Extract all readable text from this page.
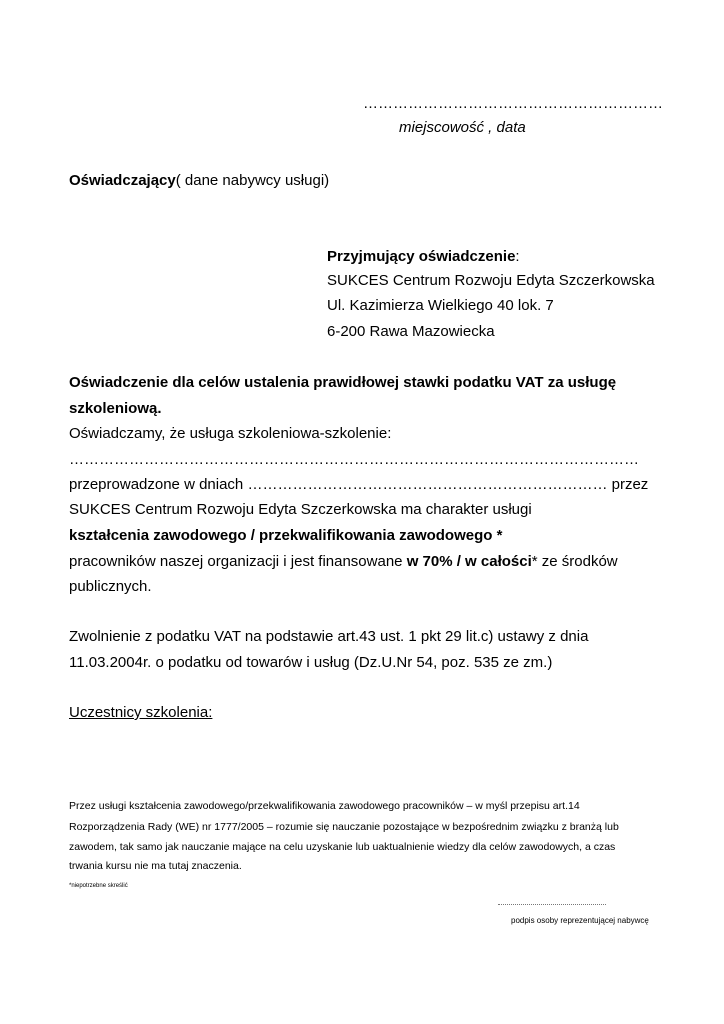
……………………………………………………
miejscowość , data
Oświadczający( dane nabywcy usługi)
Przyjmujący oświadczenie:
SUKCES Centrum Rozwoju Edyta Szczerkowska
Ul. Kazimierza Wielkiego 40 lok. 7
6-200 Rawa Mazowiecka
Oświadczenie dla celów ustalenia prawidłowej stawki podatku VAT za usługę
szkoleniową.
Oświadczamy, że usługa szkoleniowa-szkolenie:
……………………………………………………………………………………………………
przeprowadzone w dniach ……………………………………………………………… przez
SUKCES Centrum Rozwoju Edyta Szczerkowska ma charakter usługi
kształcenia zawodowego / przekwalifikowania zawodowego *
pracowników naszej organizacji i jest finansowane w 70% / w całości* ze środków
publicznych.
Zwolnienie z podatku VAT na podstawie art.43 ust. 1 pkt 29 lit.c) ustawy z dnia
11.03.2004r. o podatku od towarów i usług (Dz.U.Nr 54, poz. 535 ze zm.)
Uczestnicy szkolenia:
Przez usługi kształcenia zawodowego/przekwalifikowania zawodowego pracowników – w myśl przepisu art.14
Rozporządzenia Rady (WE) nr 1777/2005 – rozumie się nauczanie pozostające w bezpośrednim związku z branżą lub
zawodem, tak samo jak nauczanie mające na celu uzyskanie lub uaktualnienie wiedzy dla celów zawodowych, a czas
trwania kursu nie ma tutaj znaczenia.
*niepotrzebne skreślić
podpis osoby reprezentującej nabywcę
